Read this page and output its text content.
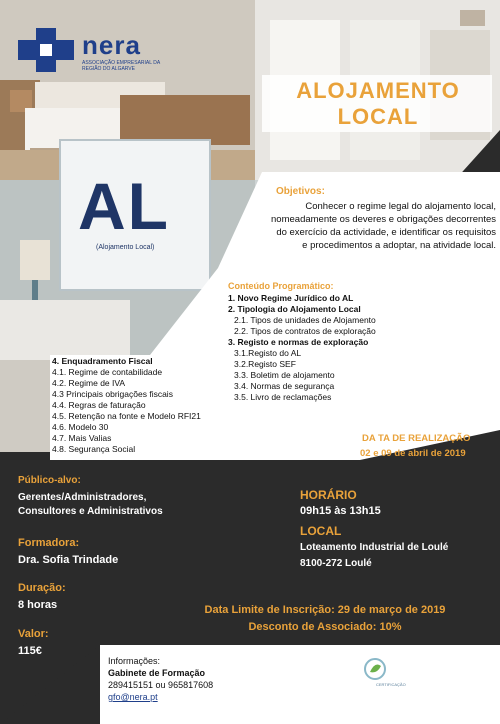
nera
ASSOCIAÇÃO EMPRESARIAL DA REGIÃO DO ALGARVE
AL
(Alojamento Local)
ALOJAMENTO
LOCAL
Objetivos:
Conhecer o regime legal do alojamento local,
nomeadamente os deveres e obrigações decorrentes
do exercício da actividade, e identificar os requisitos
e procedimentos a adoptar, na atividade local.
Conteúdo Programático:
1. Novo Regime Jurídico do AL
2. Tipologia do Alojamento Local
2.1. Tipos de unidades de Alojamento
2.2. Tipos de contratos de exploração
3. Registo e normas de exploração
3.1.Registo do AL
3.2.Registo SEF
3.3. Boletim de alojamento
3.4. Normas de segurança
3.5. Livro de reclamações
4. Enquadramento Fiscal
4.1. Regime de contabilidade
4.2. Regime de IVA
4.3 Principais obrigações fiscais
4.4. Regras de faturação
4.5. Retenção na fonte e Modelo RFI21
4.6. Modelo 30
4.7. Mais Valias
4.8. Segurança Social
DA TA DE REALIZAÇÃO
02 e 09 de abril de 2019
Público-alvo:
Gerentes/Administradores,
Consultores e Administrativos
Formadora:
Dra. Sofia Trindade
Duração:
8 horas
Valor:
115€
HORÁRIO
09h15 às 13h15
LOCAL
Loteamento Industrial de Loulé
8100-272 Loulé
Data Limite de Inscrição: 29 de março de 2019
Desconto de Associado: 10%
Informações:
Gabinete de Formação
289415151 ou 965817608
gfo@nera.pt
CERTIFICAÇÃO
